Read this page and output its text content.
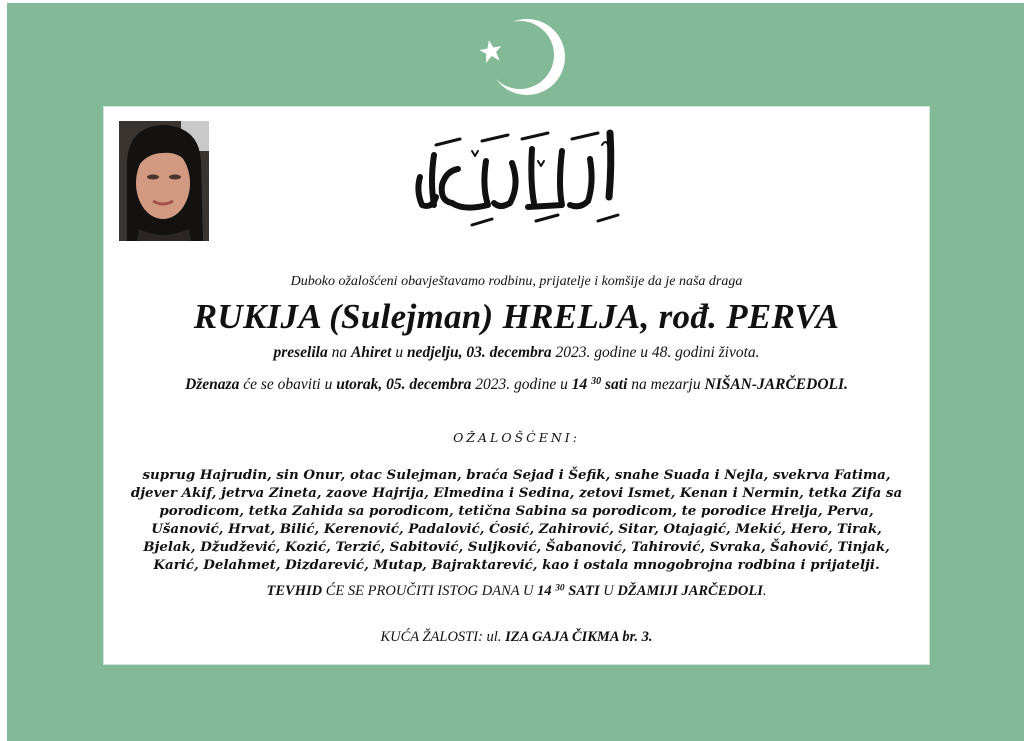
Duboko ožalošćeni obavještavamo rodbinu, prijatelje i komšije da je naša draga
RUKIJA (Sulejman) HRELJA, rođ. PERVA
preselila na Ahiret u nedjelju, 03. decembra 2023. godine u 48. godini života.
Dženaza će se obaviti u utorak, 05. decembra 2023. godine u 14 $^{30}$ sati na mezarju NIŠAN-JARČEDOLI.
OŽALOŠĆENI:
suprug Hajrudin, sin Onur, otac Sulejman, braća Sejad i Šefik, snahe Suada i Nejla, svekrva Fatima, djever Akif, jetrva Zineta, zaove Hajrija, Elmedina i Sedina, zetovi Ismet, Kenan i Nermin, tetka Zifa sa porodicom, tetka Zahida sa porodicom, tetična Sabina sa porodicom, te porodice Hrelja, Perva, Ušanović, Hrvat, Bilić, Kerenović, Padalović, Ćosić, Zahirović, Sitar, Otajagić, Mekić, Hero, Tirak, Bjelak, Džudžević, Kozić, Terzić, Sabitović, Suljković, Šabanović, Tahirović, Svraka, Šahović, Tinjak, Karić, Delahmet, Dizdarević, Mutap, Bajraktarević, kao i ostala mnogobrojna rodbina i prijatelji.
TEVHID ĆE SE PROUČITI ISTOG DANA U 14 $^{30}$ SATI U DŽAMIJI JARČEDOLI.
KUĆA ŽALOSTI: ul. IZA GAJA ČIKMA br. 3.
